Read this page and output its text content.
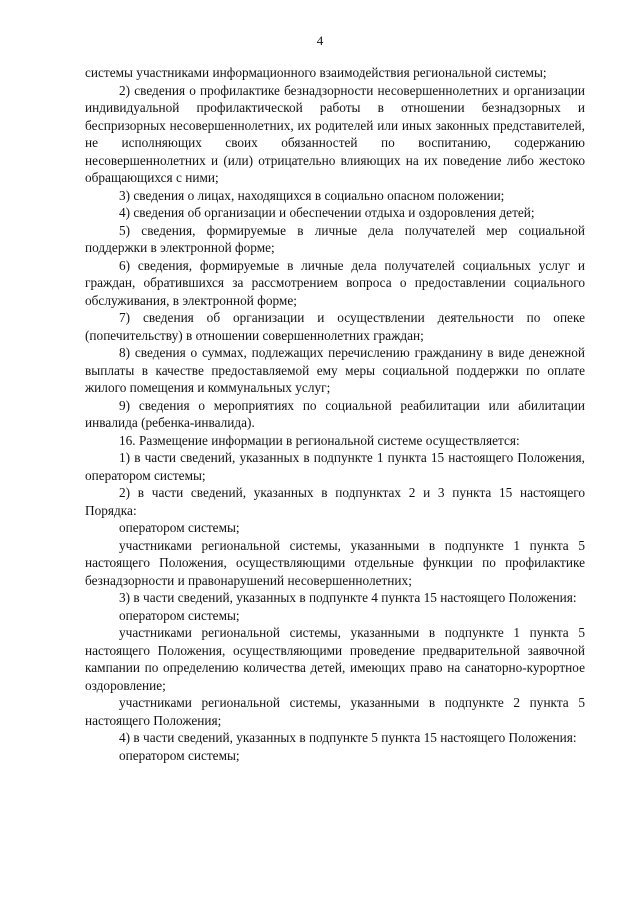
4

системы участниками информационного взаимодействия региональной системы;

2) сведения о профилактике безнадзорности несовершеннолетних и организации индивидуальной профилактической работы в отношении безнадзорных и беспризорных несовершеннолетних, их родителей или иных законных представителей, не исполняющих своих обязанностей по воспитанию, содержанию несовершеннолетних и (или) отрицательно влияющих на их поведение либо жестоко обращающихся с ними;

3) сведения о лицах, находящихся в социально опасном положении;

4) сведения об организации и обеспечении отдыха и оздоровления детей;

5) сведения, формируемые в личные дела получателей мер социальной поддержки в электронной форме;

6) сведения, формируемые в личные дела получателей социальных услуг и граждан, обратившихся за рассмотрением вопроса о предоставлении социального обслуживания, в электронной форме;

7) сведения об организации и осуществлении деятельности по опеке (попечительству) в отношении совершеннолетних граждан;

8) сведения о суммах, подлежащих перечислению гражданину в виде денежной выплаты в качестве предоставляемой ему меры социальной поддержки по оплате жилого помещения и коммунальных услуг;

9) сведения о мероприятиях по социальной реабилитации или абилитации инвалида (ребенка-инвалида).

16. Размещение информации в региональной системе осуществляется:

1) в части сведений, указанных в подпункте 1 пункта 15 настоящего Положения, оператором системы;

2) в части сведений, указанных в подпунктах 2 и 3 пункта 15 настоящего Порядка:

оператором системы;

участниками региональной системы, указанными в подпункте 1 пункта 5 настоящего Положения, осуществляющими отдельные функции по профилактике безнадзорности и правонарушений несовершеннолетних;

3) в части сведений, указанных в подпункте 4 пункта 15 настоящего Положения:

оператором системы;

участниками региональной системы, указанными в подпункте 1 пункта 5 настоящего Положения, осуществляющими проведение предварительной заявочной кампании по определению количества детей, имеющих право на санаторно-курортное оздоровление;

участниками региональной системы, указанными в подпункте 2 пункта 5 настоящего Положения;

4) в части сведений, указанных в подпункте 5 пункта 15 настоящего Положения:

оператором системы;
